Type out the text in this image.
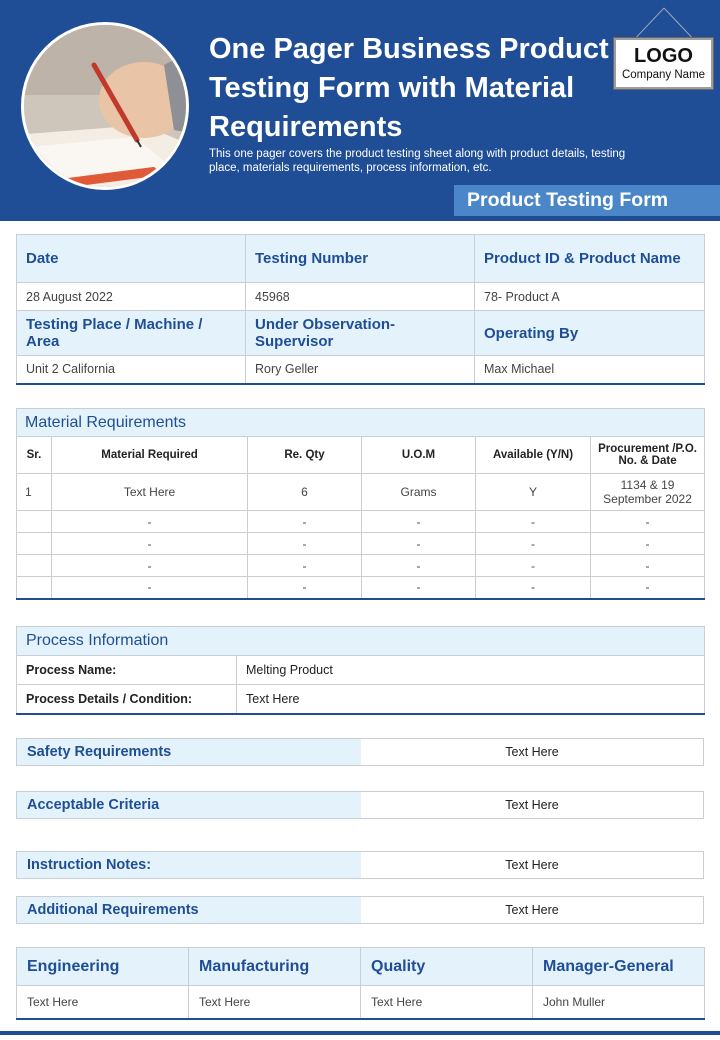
One Pager Business Product Testing Form with Material Requirements
This one pager covers the product testing sheet along with product details, testing place, materials requirements, process information, etc.
LOGO
Company Name
Product Testing Form
Date	Testing Number	Product ID & Product Name
28 August 2022	45968	78- Product A
Testing Place / Machine / Area	Under Observation- Supervisor	Operating By
Unit 2 California	Rory Geller	Max Michael
Material Requirements					
Sr.	Material Required	Re. Qty	U.O.M	Available (Y/N)	Procurement /P.O. No. & Date
1	Text Here	6	Grams	Y	1134 & 19 September 2022
	-	-	-	-	-
	-	-	-	-	-
	-	-	-	-	-
	-	-	-	-	-
Process Information	
Process Name:	Melting Product
Process Details / Condition:	Text Here
Safety Requirements	Text Here
Acceptable Criteria	Text Here
Instruction Notes:	Text Here
Additional Requirements	Text Here
Engineering	Manufacturing	Quality	Manager-General
Text Here	Text Here	Text Here	John Muller
